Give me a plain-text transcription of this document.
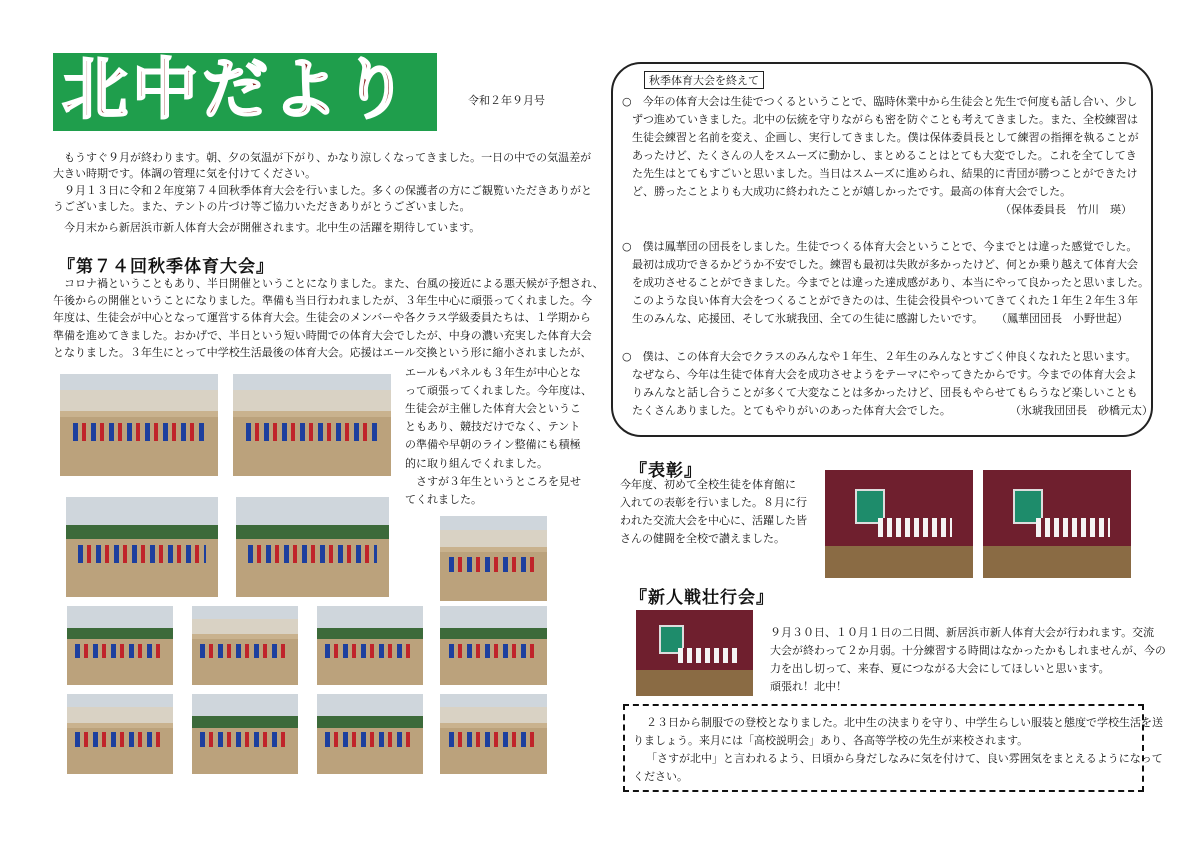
北中だより	令和２年９月号
もうすぐ９月が終わります。朝、夕の気温が下がり、かなり涼しくなってきました。一日の中での気温差が
大きい時期です。体調の管理に気を付けてください。
９月１３日に令和２年度第７４回秋季体育大会を行いました。多くの保護者の方にご観覧いただきありがと
うございました。また、テントの片づけ等ご協力いただきありがとうございました。
今月末から新居浜市新人体育大会が開催されます。北中生の活躍を期待しています。
『第７４回秋季体育大会』
コロナ禍ということもあり、半日開催ということになりました。また、台風の接近による悪天候が予想され、
午後からの開催ということになりました。準備も当日行われましたが、３年生中心に頑張ってくれました。今
年度は、生徒会が中心となって運営する体育大会。生徒会のメンバーや各クラス学級委員たちは、１学期から
準備を進めてきました。おかげで、半日という短い時間での体育大会でしたが、中身の濃い充実した体育大会
となりました。３年生にとって中学校生活最後の体育大会。応援はエール交換という形に縮小されましたが、
エールもパネルも３年生が中心とな
って頑張ってくれました。今年度は、
生徒会が主催した体育大会というこ
ともあり、競技だけでなく、テント
の準備や早朝のライン整備にも積極
的に取り組んでくれました。
さすが３年生というところを見せ
てくれました。
秋季体育大会を終えて
○　今年の体育大会は生徒でつくるということで、臨時休業中から生徒会と先生で何度も話し合い、少し
ずつ進めていきました。北中の伝統を守りながらも密を防ぐことも考えてきました。また、全校練習は
生徒会練習と名前を変え、企画し、実行してきました。僕は保体委員長として練習の指揮を執ることが
あったけど、たくさんの人をスムーズに動かし、まとめることはとても大変でした。これを全てしてき
た先生はとてもすごいと思いました。当日はスムーズに進められ、結果的に青団が勝つことができたけ
ど、勝ったことよりも大成功に終われたことが嬉しかったです。最高の体育大会でした。
（保体委員長　竹川　瑛）
○　僕は鳳華団の団長をしました。生徒でつくる体育大会ということで、今までとは違った感覚でした。
最初は成功できるかどうか不安でした。練習も最初は失敗が多かったけど、何とか乗り越えて体育大会
を成功させることができました。今までとは違った達成感があり、本当にやって良かったと思いました。
このような良い体育大会をつくることができたのは、生徒会役員やついてきてくれた１年生２年生３年
生のみんな、応援団、そして氷琥我団、全ての生徒に感謝したいです。 （鳳華団団長　小野世起）
○　僕は、この体育大会でクラスのみんなや１年生、２年生のみんなとすごく仲良くなれたと思います。
なぜなら、今年は生徒で体育大会を成功させようをテーマにやってきたからです。今までの体育大会よ
りみんなと話し合うことが多くて大変なことは多かったけど、団長もやらせてもらうなど楽しいことも
たくさんありました。とてもやりがいのあった体育大会でした。	（氷琥我団団長　砂橋元太）
『表彰』
今年度、初めて全校生徒を体育館に
入れての表彰を行いました。８月に行
われた交流大会を中心に、活躍した皆
さんの健闘を全校で讃えました。
『新人戦壮行会』
９月３０日、１０月１日の二日間、新居浜市新人体育大会が行われます。交流
大会が終わって２か月弱。十分練習する時間はなかったかもしれませんが、今の
力を出し切って、来春、夏につながる大会にしてほしいと思います。
頑張れ！北中！
２３日から制服での登校となりました。北中生の決まりを守り、中学生らしい服装と態度で学校生活を送
りましょう。来月には「高校説明会」あり、各高等学校の先生が来校されます。
「さすが北中」と言われるよう、日頃から身だしなみに気を付けて、良い雰囲気をまとえるようになって
ください。
